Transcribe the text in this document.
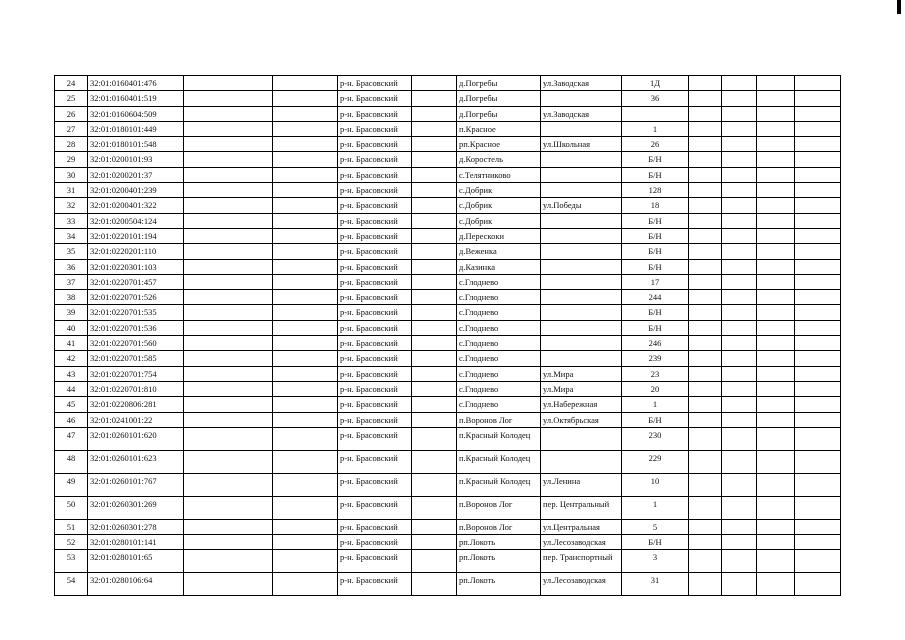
24	32:01:0160401:476			р-н. Брасовский		д.Погребы	ул.Заводская	1Д				
25	32:01:0160401:519			р-н. Брасовский		д.Погребы		36				
26	32:01:0160604:509			р-н. Брасовский		д.Погребы	ул.Заводская					
27	32:01:0180101:449			р-н. Брасовский		п.Красное		1				
28	32:01:0180101:548			р-н. Брасовский		рп.Красное	ул.Школьная	26				
29	32:01:0200101:93			р-н. Брасовский		д.Коростель		Б/Н				
30	32:01:0200201:37			р-н. Брасовский		с.Телятниково		Б/Н				
31	32:01:0200401:239			р-н. Брасовский		с.Добрик		128				
32	32:01:0200401:322			р-н. Брасовский		с.Добрик	ул.Победы	18				
33	32:01:0200504:124			р-н. Брасовский		с.Добрик		Б/Н				
34	32:01:0220101:194			р-н. Брасовский		д.Перескоки		Б/Н				
35	32:01:0220201:110			р-н. Брасовский		д.Веженка		Б/Н				
36	32:01:0220301:103			р-н. Брасовский		д.Казинка		Б/Н				
37	32:01:0220701:457			р-н. Брасовский		с.Глоднево		17				
38	32:01:0220701:526			р-н. Брасовский		с.Глоднево		244				
39	32:01:0220701:535			р-н. Брасовский		с.Глоднево		Б/Н				
40	32:01:0220701:536			р-н. Брасовский		с.Глоднево		Б/Н				
41	32:01:0220701:560			р-н. Брасовский		с.Глоднево		246				
42	32:01:0220701:585			р-н. Брасовский		с.Глоднево		239				
43	32:01:0220701:754			р-н. Брасовский		с.Глоднево	ул.Мира	23				
44	32:01:0220701:810			р-н. Брасовский		с.Глоднево	ул.Мира	20				
45	32:01:0220806:281			р-н. Брасовский		с.Глоднево	ул.Набережная	1				
46	32:01:0241001:22			р-н. Брасовский		п.Воронов Лог	ул.Октябрьская	Б/Н				
47	32:01:0260101:620			р-н. Брасовский		п.Красный Колодец		230				
48	32:01:0260101:623			р-н. Брасовский		п.Красный Колодец		229				
49	32:01:0260101:767			р-н. Брасовский		п.Красный Колодец	ул.Ленина	10				
50	32:01:0260301:269			р-н. Брасовский		п.Воронов Лог	пер. Центральный	1				
51	32:01:0260301:278			р-н. Брасовский		п.Воронов Лог	ул.Центральная	5				
52	32:01:0280101:141			р-н. Брасовский		рп.Локоть	ул.Лесозаводская	Б/Н				
53	32:01:0280101:65			р-н. Брасовский		рп.Локоть	пер. Транспортный	3				
54	32:01:0280106:64			р-н. Брасовский		рп.Локоть	ул.Лесозаводская	31				
